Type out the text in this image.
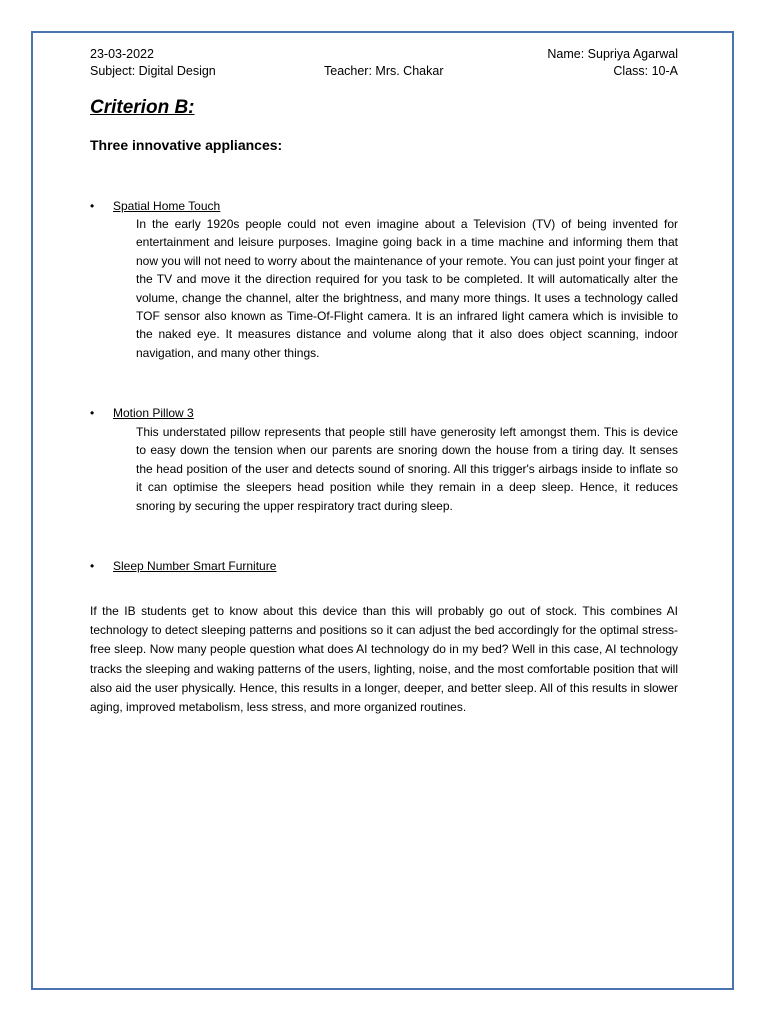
23-03-2022
Subject: Digital Design	Teacher: Mrs. Chakar
Name: Supriya Agarwal
Class: 10-A
Criterion B:
Three innovative appliances:
• Spatial Home Touch
In the early 1920s people could not even imagine about a Television (TV) of being invented for entertainment and leisure purposes. Imagine going back in a time machine and informing them that now you will not need to worry about the maintenance of your remote. You can just point your finger at the TV and move it the direction required for you task to be completed. It will automatically alter the volume, change the channel, alter the brightness, and many more things. It uses a technology called TOF sensor also known as Time-Of-Flight camera. It is an infrared light camera which is invisible to the naked eye. It measures distance and volume along that it also does object scanning, indoor navigation, and many other things.
• Motion Pillow 3
This understated pillow represents that people still have generosity left amongst them. This is device to easy down the tension when our parents are snoring down the house from a tiring day. It senses the head position of the user and detects sound of snoring. All this trigger's airbags inside to inflate so it can optimise the sleepers head position while they remain in a deep sleep. Hence, it reduces snoring by securing the upper respiratory tract during sleep.
• Sleep Number Smart Furniture
If the IB students get to know about this device than this will probably go out of stock. This combines AI technology to detect sleeping patterns and positions so it can adjust the bed accordingly for the optimal stress-free sleep. Now many people question what does AI technology do in my bed? Well in this case, AI technology tracks the sleeping and waking patterns of the users, lighting, noise, and the most comfortable position that will also aid the user physically. Hence, this results in a longer, deeper, and better sleep. All of this results in slower aging, improved metabolism, less stress, and more organized routines.
